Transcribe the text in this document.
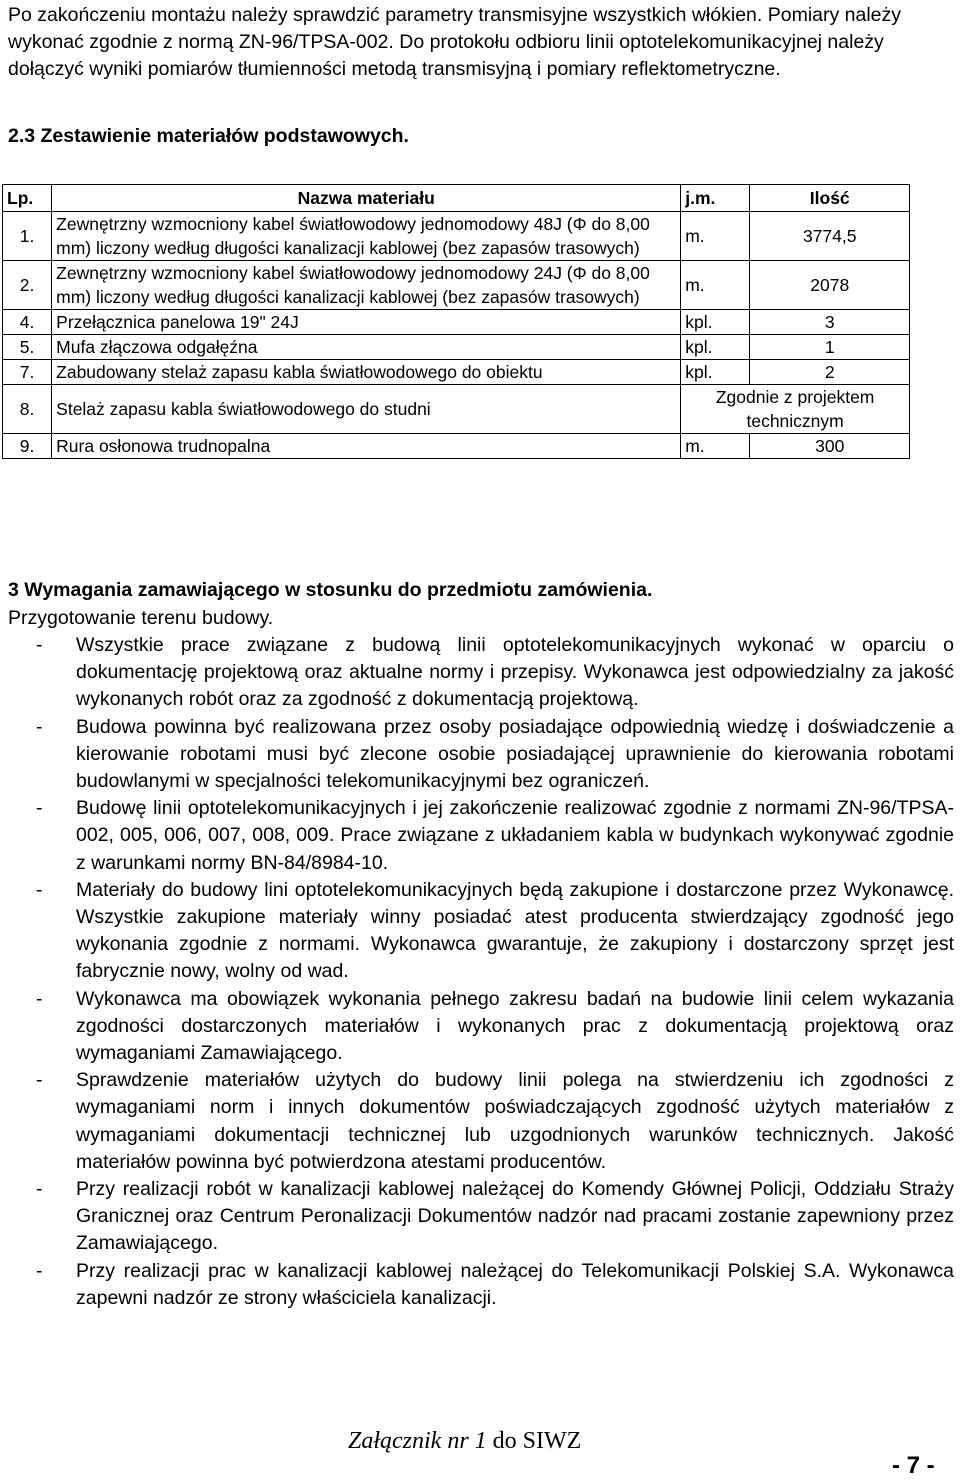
Po zakończeniu montażu należy sprawdzić parametry transmisyjne wszystkich włókien. Pomiary należy wykonać zgodnie z normą ZN-96/TPSA-002. Do protokołu odbioru linii optotelekomunikacyjnej należy dołączyć wyniki pomiarów tłumienności metodą transmisyjną i pomiary reflektometryczne.

2.3 Zestawienie materiałów podstawowych.

Lp.	Nazwa materiału	j.m.	Ilość
1.	Zewnętrzny wzmocniony kabel światłowodowy jednomodowy 48J (Φ do 8,00 mm) liczony według długości kanalizacji kablowej (bez zapasów trasowych)	m.	3774,5
2.	Zewnętrzny wzmocniony kabel światłowodowy jednomodowy 24J (Φ do 8,00 mm) liczony według długości kanalizacji kablowej (bez zapasów trasowych)	m.	2078
4.	Przełącznica panelowa 19" 24J	kpl.	3
5.	Mufa złączowa odgałęźna	kpl.	1
7.	Zabudowany stelaż zapasu kabla światłowodowego do obiektu	kpl.	2
8.	Stelaż zapasu kabla światłowodowego do studni	Zgodnie z projektem technicznym	
9.	Rura osłonowa trudnopalna	m.	300

3 Wymagania zamawiającego w stosunku do przedmiotu zamówienia.

Przygotowanie terenu budowy.

- Wszystkie prace związane z budową linii optotelekomunikacyjnych wykonać w oparciu o dokumentację projektową oraz aktualne normy i przepisy. Wykonawca jest odpowiedzialny za jakość wykonanych robót oraz za zgodność z dokumentacją projektową.
- Budowa powinna być realizowana przez osoby posiadające odpowiednią wiedzę i doświadczenie a kierowanie robotami musi być zlecone osobie posiadającej uprawnienie do kierowania robotami budowlanymi w specjalności telekomunikacyjnymi bez ograniczeń.
- Budowę linii optotelekomunikacyjnych i jej zakończenie realizować zgodnie z normami ZN-96/TPSA-002, 005, 006, 007, 008, 009. Prace związane z układaniem kabla w budynkach wykonywać zgodnie z warunkami normy BN-84/8984-10.
- Materiały do budowy lini optotelekomunikacyjnych będą zakupione i dostarczone przez Wykonawcę. Wszystkie zakupione materiały winny posiadać atest producenta stwierdzający zgodność jego wykonania zgodnie z normami. Wykonawca gwarantuje, że zakupiony i dostarczony sprzęt jest fabrycznie nowy, wolny od wad.
- Wykonawca ma obowiązek wykonania pełnego zakresu badań na budowie linii celem wykazania zgodności dostarczonych materiałów i wykonanych prac z dokumentacją projektową oraz wymaganiami Zamawiającego.
- Sprawdzenie materiałów użytych do budowy linii polega na stwierdzeniu ich zgodności z wymaganiami norm i innych dokumentów poświadczających zgodność użytych materiałów z wymaganiami dokumentacji technicznej lub uzgodnionych warunków technicznych. Jakość materiałów powinna być potwierdzona atestami producentów.
- Przy realizacji robót w kanalizacji kablowej należącej do Komendy Głównej Policji, Oddziału Straży Granicznej oraz Centrum Peronalizacji Dokumentów nadzór nad pracami zostanie zapewniony przez Zamawiającego.
- Przy realizacji prac w kanalizacji kablowej należącej do Telekomunikacji Polskiej S.A. Wykonawca zapewni nadzór ze strony właściciela kanalizacji.
Załącznik nr 1 do SIWZ
- 7 -
